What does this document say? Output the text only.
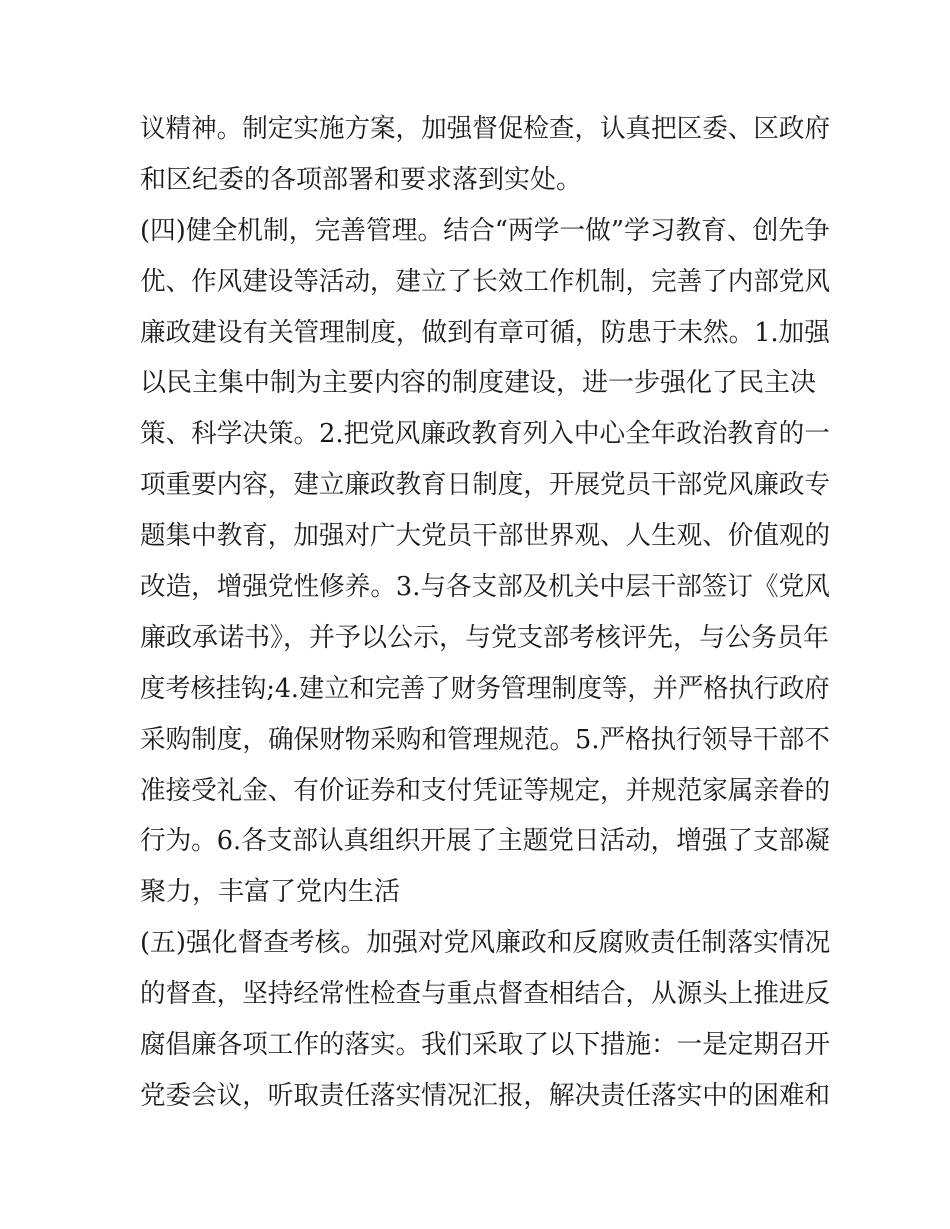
议精神。制定实施方案，加强督促检查，认真把区委、区政府
和区纪委的各项部署和要求落到实处。
(四)健全机制，完善管理。结合“两学一做”学习教育、创先争
优、作风建设等活动，建立了长效工作机制，完善了内部党风
廉政建设有关管理制度，做到有章可循，防患于未然。1.加强
以民主集中制为主要内容的制度建设，进一步强化了民主决
策、科学决策。2.把党风廉政教育列入中心全年政治教育的一
项重要内容，建立廉政教育日制度，开展党员干部党风廉政专
题集中教育，加强对广大党员干部世界观、人生观、价值观的
改造，增强党性修养。3.与各支部及机关中层干部签订《党风
廉政承诺书》，并予以公示，与党支部考核评先，与公务员年
度考核挂钩;4.建立和完善了财务管理制度等，并严格执行政府
采购制度，确保财物采购和管理规范。5.严格执行领导干部不
准接受礼金、有价证券和支付凭证等规定，并规范家属亲眷的
行为。6.各支部认真组织开展了主题党日活动，增强了支部凝
聚力，丰富了党内生活
(五)强化督查考核。加强对党风廉政和反腐败责任制落实情况
的督查，坚持经常性检查与重点督查相结合，从源头上推进反
腐倡廉各项工作的落实。我们采取了以下措施：一是定期召开
党委会议，听取责任落实情况汇报，解决责任落实中的困难和
